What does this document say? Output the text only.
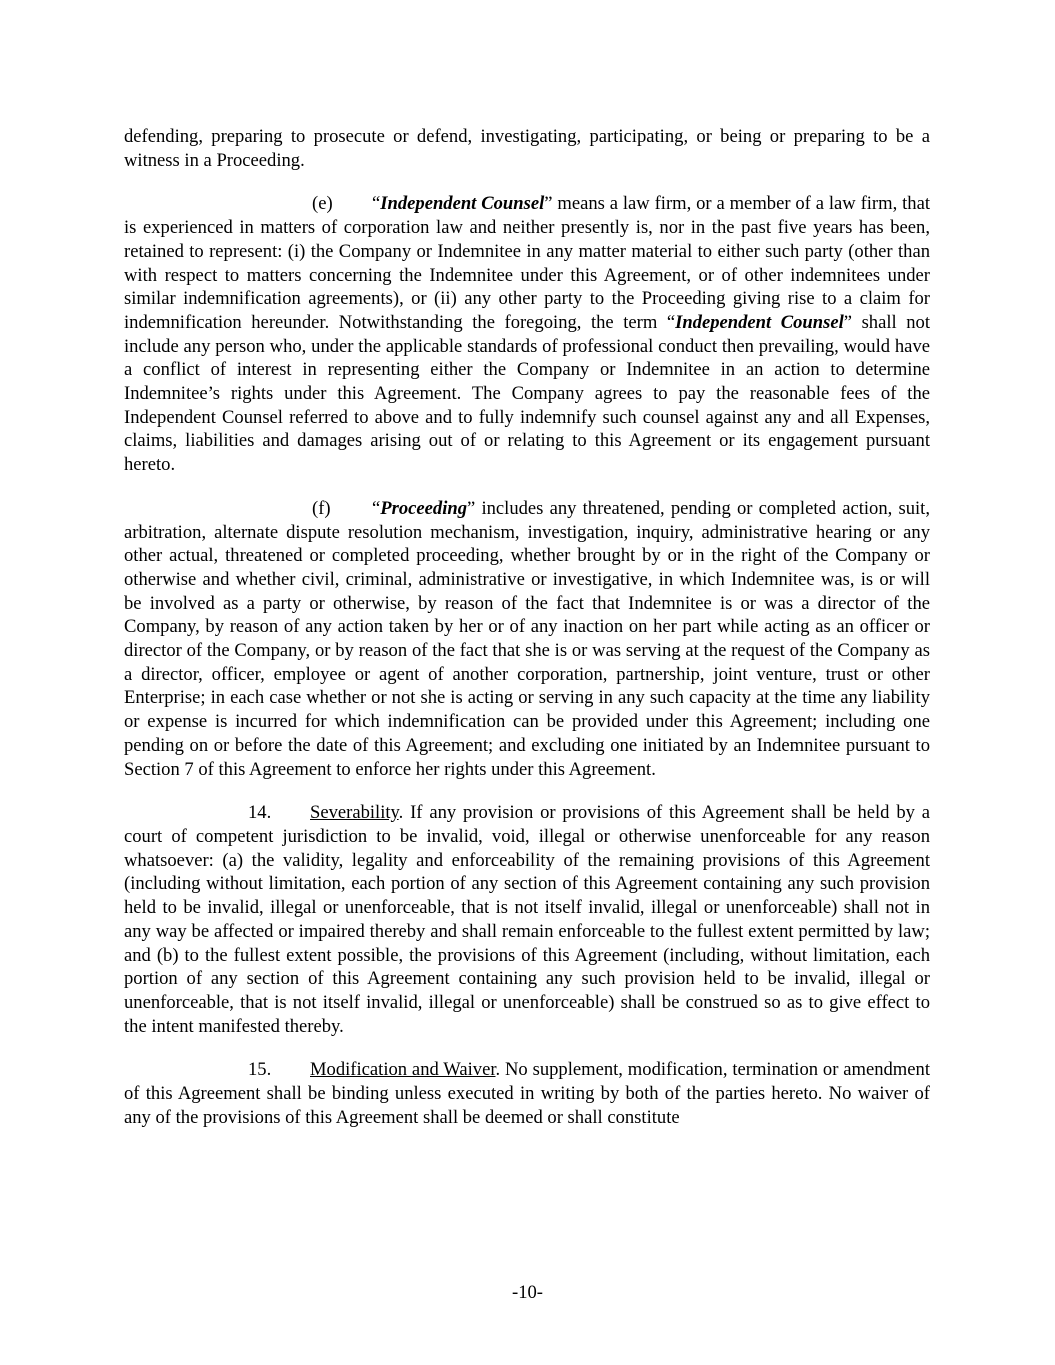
defending, preparing to prosecute or defend, investigating, participating, or being or preparing to be a witness in a Proceeding.

(e) “Independent Counsel” means a law firm, or a member of a law firm, that is experienced in matters of corporation law and neither presently is, nor in the past five years has been, retained to represent: (i) the Company or Indemnitee in any matter material to either such party (other than with respect to matters concerning the Indemnitee under this Agreement, or of other indemnitees under similar indemnification agreements), or (ii) any other party to the Proceeding giving rise to a claim for indemnification hereunder. Notwithstanding the foregoing, the term “Independent Counsel” shall not include any person who, under the applicable standards of professional conduct then prevailing, would have a conflict of interest in representing either the Company or Indemnitee in an action to determine Indemnitee’s rights under this Agreement. The Company agrees to pay the reasonable fees of the Independent Counsel referred to above and to fully indemnify such counsel against any and all Expenses, claims, liabilities and damages arising out of or relating to this Agreement or its engagement pursuant hereto.

(f) “Proceeding” includes any threatened, pending or completed action, suit, arbitration, alternate dispute resolution mechanism, investigation, inquiry, administrative hearing or any other actual, threatened or completed proceeding, whether brought by or in the right of the Company or otherwise and whether civil, criminal, administrative or investigative, in which Indemnitee was, is or will be involved as a party or otherwise, by reason of the fact that Indemnitee is or was a director of the Company, by reason of any action taken by her or of any inaction on her part while acting as an officer or director of the Company, or by reason of the fact that she is or was serving at the request of the Company as a director, officer, employee or agent of another corporation, partnership, joint venture, trust or other Enterprise; in each case whether or not she is acting or serving in any such capacity at the time any liability or expense is incurred for which indemnification can be provided under this Agreement; including one pending on or before the date of this Agreement; and excluding one initiated by an Indemnitee pursuant to Section 7 of this Agreement to enforce her rights under this Agreement.

14. Severability. If any provision or provisions of this Agreement shall be held by a court of competent jurisdiction to be invalid, void, illegal or otherwise unenforceable for any reason whatsoever: (a) the validity, legality and enforceability of the remaining provisions of this Agreement (including without limitation, each portion of any section of this Agreement containing any such provision held to be invalid, illegal or unenforceable, that is not itself invalid, illegal or unenforceable) shall not in any way be affected or impaired thereby and shall remain enforceable to the fullest extent permitted by law; and (b) to the fullest extent possible, the provisions of this Agreement (including, without limitation, each portion of any section of this Agreement containing any such provision held to be invalid, illegal or unenforceable, that is not itself invalid, illegal or unenforceable) shall be construed so as to give effect to the intent manifested thereby.

15. Modification and Waiver. No supplement, modification, termination or amendment of this Agreement shall be binding unless executed in writing by both of the parties hereto. No waiver of any of the provisions of this Agreement shall be deemed or shall constitute

-10-
